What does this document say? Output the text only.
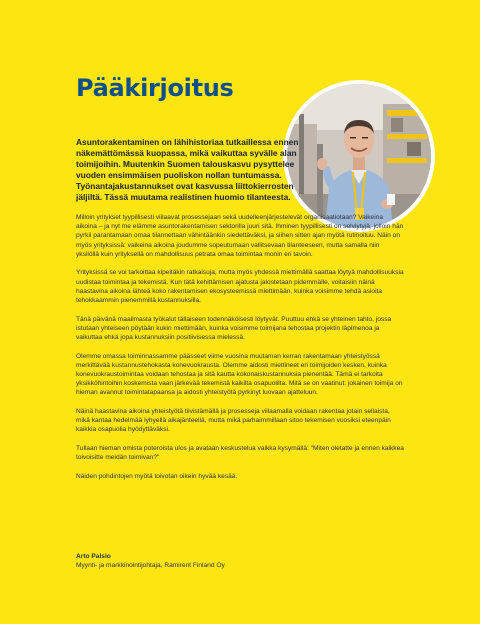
Pääkirjoitus

Asuntorakentaminen on lähihistoriaa tutkaillessa ennen näkemättömässä kuopassa, mikä vaikuttaa syvälle alan toimijoihin. Muutenkin Suomen talouskasvu pysyttelee vuoden ensimmäisen puoliskon nollan tuntumassa. Työnantajakustannukset ovat kasvussa liittokierrosten jäljiltä. Tässä muutama realistinen huomio tilanteesta.

Milloin yritykset tyypillisesti viilaavat prosessejaan sekä uudelleenjärjestelevät organisaatiotaan? Vaikeina aikoina – ja nyt me elämme asuntorakentamisen sektorilla juuri sitä. Ihminen tyypillisesti on selviytyjä, jolloin hän pyrkii parantamaan omaa tilannettaan vähintäänkin siedettäväksi, ja siihen sitten ajan myötä rutinoituu. Näin on myös yrityksissä: vaikeina aikoina joudumme sopeutumaan vallitsevaan tilanteeseen, mutta samalla niin yksilöllä kuin yrityksellä on mahdollisuus petrata omaa toimintaa monin eri tavoin.

Yrityksissä se voi tarkoittaa kipeitäkin ratkaisuja, mutta myös yhdessä miettimällä saattaa löytyä mahdollisuuksia uudistaa toimintaa ja tekemistä. Kun tätä kehittämisen ajatusta jalostetaan pidemmälle, voitaisiin näinä haastavina aikoina lähteä koko rakentamisen ekosysteemissä miettimään, kuinka voisimme tehdä asioita tehokkaammin pienemmillä kustannuksilla.

Tänä päivänä maailmasta työkalut tällaiseen todennäköisesti löytyvät. Puuttuu ehkä se yhteinen tahto, jossa istutaan yhteiseen pöytään kukin miettimään, kuinka voisimme toimijana tehostaa projektin läpimenoa ja vaikuttaa ehkä jopa kustannuksiin positiivisessa mielessä.

Olemme omassa toiminnassamme päässeet viime vuosina muutaman kerran rakentamaan yhteistyössä merkittävää kustannustehokasta konevuokrausta. Olemme aidosti miettineet eri toimijoiden kesken, kuinka konevuokraustoimintaa voidaan tehostaa ja sitä kautta kokonaiskustannuksia pienentää. Tämä ei tarkoita yksikköhintoihin koskemista vaan järkevää tekemistä kaikilta osapuolilta. Mitä se on vaatinut: jokainen toimija on hieman avannut toimintatapaansa ja aidosti yhteistyötä pyrkinyt luovaan ajatteluun.

Näinä haastavina aikoina yhteistyötä tiivistämällä ja prosesseja viilaamalla voidaan rakentaa jotain sellaista, mikä kantaa hedelmää lyhyellä aikajänteellä, mutta mikä parhaimmillaan sitoo tekemisen vuosiksi eteenpäin kaikkia osapuolia hyödyttäväksi.

Tullaan hieman omista poteroista ulos ja avataan keskustelua vaikka kysymällä: "Miten oletatte ja ennen kaikkea toivoisitte meidän toimivan?"

Näiden pohdintojen myötä toivotan oikein hyvää kesää.

Arto Palsio
Myynti- ja markkinointijohtaja, Ramirent Finland Oy
